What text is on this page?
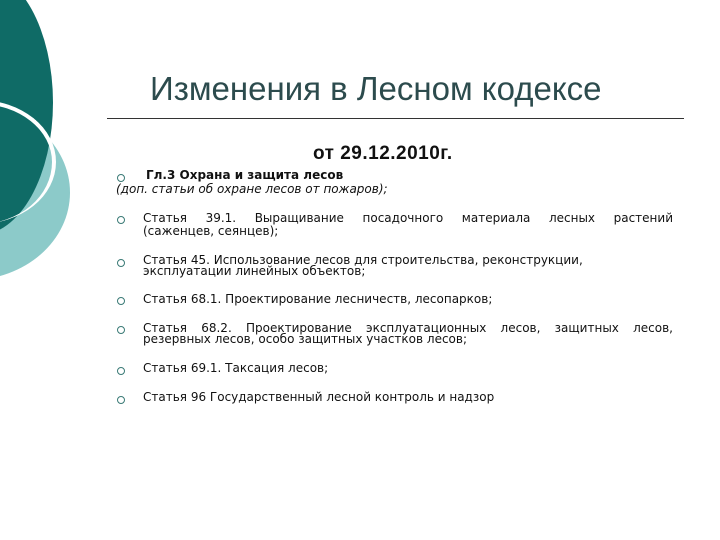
Изменения в Лесном кодексе
от 29.12.2010г.
Гл.3 Охрана и защита лесов
(доп. статьи об охране лесов от пожаров);
Статья 39.1. Выращивание посадочного материала лесных растений
(саженцев, сеянцев);
Статья 45. Использование лесов для строительства, реконструкции,
эксплуатации линейных объектов;
Статья 68.1. Проектирование лесничеств, лесопарков;
Статья 68.2. Проектирование эксплуатационных лесов, защитных лесов,
резервных лесов, особо защитных участков лесов;
Статья 69.1. Таксация лесов;
Статья 96 Государственный лесной контроль и надзор
